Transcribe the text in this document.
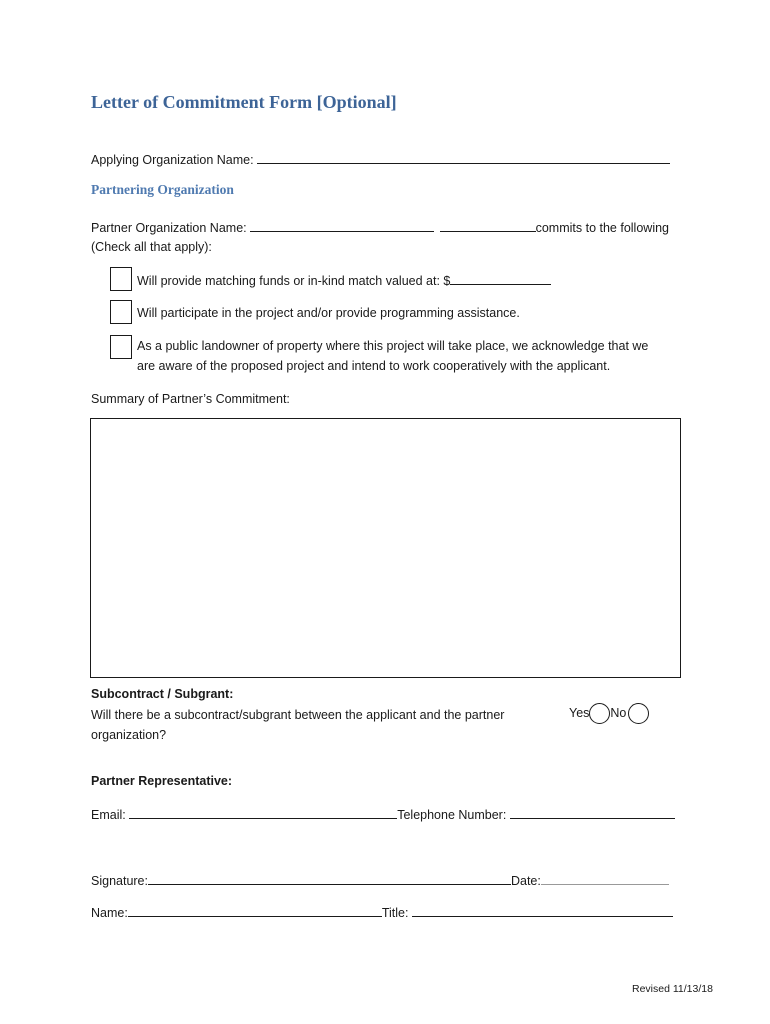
Letter of Commitment Form [Optional]
Applying Organization Name:
Partnering Organization
Partner Organization Name:	commits to the following
(Check all that apply):
Will provide matching funds or in-kind match valued at: $
Will participate in the project and/or provide programming assistance.
As a public landowner of property where this project will take place, we acknowledge that we
are aware of the proposed project and intend to work cooperatively with the applicant.
Summary of Partner’s Commitment:
Subcontract / Subgrant:
Will there be a subcontract/subgrant between the applicant and the partner
organization?
Yes No
Partner Representative:
Email:	Telephone Number:
Signature:	Date:
Name:	Title:
Revised 11/13/18
